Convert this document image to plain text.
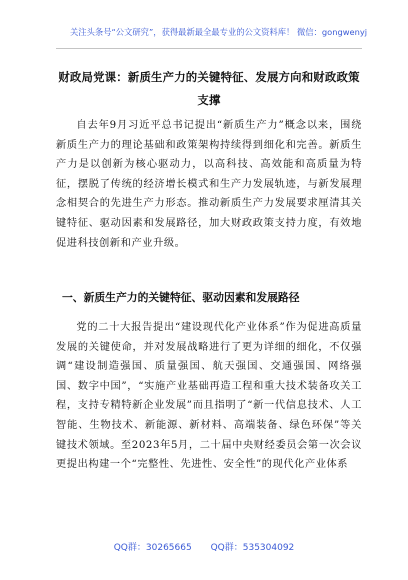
关注头条号“公文研究”，获得最新最全最专业的公文资料库！ 微信：gongwenyj
财政局党课：新质生产力的关键特征、发展方向和财政政策支撑
自去年9月习近平总书记提出“新质生产力”概念以来，围绕新质生产力的理论基础和政策架构持续得到细化和完善。新质生产力是以创新为核心驱动力，以高科技、高效能和高质量为特征，摆脱了传统的经济增长模式和生产力发展轨迹，与新发展理念相契合的先进生产力形态。推动新质生产力发展要求厘清其关键特征、驱动因素和发展路径，加大财政政策支持力度，有效地促进科技创新和产业升级。
一、新质生产力的关键特征、驱动因素和发展路径
党的二十大报告提出“建设现代化产业体系”作为促进高质量发展的关键使命，并对发展战略进行了更为详细的细化，不仅强调“建设制造强国、质量强国、航天强国、交通强国、网络强国、数字中国”，“实施产业基础再造工程和重大技术装备攻关工程，支持专精特新企业发展”而且指明了“新一代信息技术、人工智能、生物技术、新能源、新材料、高端装备、绿色环保”等关键技术领域。至2023年5月，二十届中央财经委员会第一次会议更提出构建一个“完整性、先进性、安全性”的现代化产业体系
QQ群：30265665 QQ群：535304092
